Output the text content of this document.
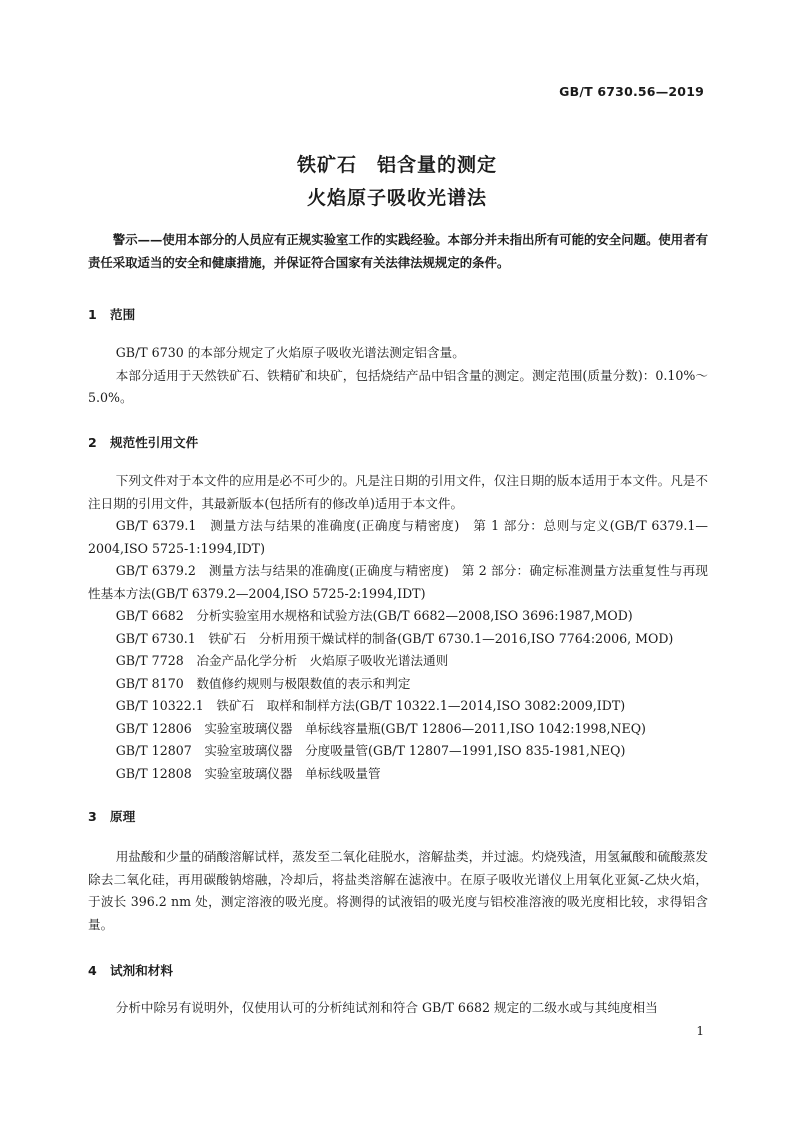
GB/T 6730.56—2019
铁矿石　铝含量的测定
火焰原子吸收光谱法
警示——使用本部分的人员应有正规实验室工作的实践经验。本部分并未指出所有可能的安全问题。使用者有责任采取适当的安全和健康措施，并保证符合国家有关法律法规规定的条件。
1 范围

GB/T 6730 的本部分规定了火焰原子吸收光谱法测定铝含量。

本部分适用于天然铁矿石、铁精矿和块矿，包括烧结产品中铝含量的测定。测定范围(质量分数)：0.10%～5.0%。

2 规范性引用文件

下列文件对于本文件的应用是必不可少的。凡是注日期的引用文件，仅注日期的版本适用于本文件。凡是不注日期的引用文件，其最新版本(包括所有的修改单)适用于本文件。

GB/T 6379.1　测量方法与结果的准确度(正确度与精密度)　第 1 部分：总则与定义(GB/T 6379.1—2004,ISO 5725-1:1994,IDT)

GB/T 6379.2　测量方法与结果的准确度(正确度与精密度)　第 2 部分：确定标准测量方法重复性与再现性基本方法(GB/T 6379.2—2004,ISO 5725-2:1994,IDT)

GB/T 6682　分析实验室用水规格和试验方法(GB/T 6682—2008,ISO 3696:1987,MOD)

GB/T 6730.1　铁矿石　分析用预干燥试样的制备(GB/T 6730.1—2016,ISO 7764:2006, MOD)

GB/T 7728　冶金产品化学分析　火焰原子吸收光谱法通则

GB/T 8170　数值修约规则与极限数值的表示和判定

GB/T 10322.1　铁矿石　取样和制样方法(GB/T 10322.1—2014,ISO 3082:2009,IDT)

GB/T 12806　实验室玻璃仪器　单标线容量瓶(GB/T 12806—2011,ISO 1042:1998,NEQ)

GB/T 12807　实验室玻璃仪器　分度吸量管(GB/T 12807—1991,ISO 835-1981,NEQ)

GB/T 12808　实验室玻璃仪器　单标线吸量管

3 原理

用盐酸和少量的硝酸溶解试样，蒸发至二氧化硅脱水，溶解盐类，并过滤。灼烧残渣，用氢氟酸和硫酸蒸发除去二氧化硅，再用碳酸钠熔融，冷却后，将盐类溶解在滤液中。在原子吸收光谱仪上用氧化亚氮-乙炔火焰，于波长 396.2 nm 处，测定溶液的吸光度。将测得的试液铝的吸光度与铝校准溶液的吸光度相比较，求得铝含量。

4 试剂和材料

分析中除另有说明外，仅使用认可的分析纯试剂和符合 GB/T 6682 规定的二级水或与其纯度相当

1
